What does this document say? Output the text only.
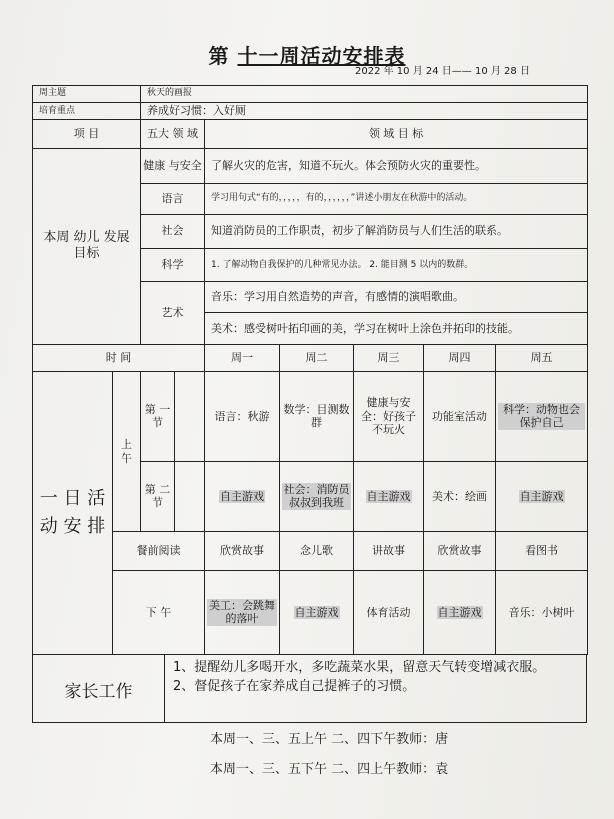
第 十一周活动安排表
2022 年 10 月 24 日—— 10 月 28 日
周主题		秋天的画报						
培育重点		养成好习惯：入好厕						
项 目		五大 领 域		领 域 目 标				
本周 幼儿 发展 目标		健康 与安全		了解火灾的危害，知道不玩火。体会预防火灾的重要性。				
		语言		学习用句式“有的，，，，，有的，，，，，，”讲述小朋友在秋游中的活动。				
		社会		知道消防员的工作职责，初步了解消防员与人们生活的联系。				
		科学		1. 了解动物自我保护的几种常见办法。 2. 能目测 5 以内的数群。				
		艺术		音乐：学习用自然造势的声音，有感情的演唱歌曲。				
				美术：感受树叶拓印画的美，学习在树叶上涂色并拓印的技能。				
时 间				周一	周二	周三	周四	周五
一 日 活 动 安 排	上 午	第 一 节		语言：秋游	数学：目测数群	健康与安全：好孩子不玩火	功能室活动	科学：动物也会保护自己
		第 二 节		自主游戏	社会：消防员叔叔到我班	自主游戏	美术：绘画	自主游戏
	餐前阅读			欣赏故事	念儿歌	讲故事	欣赏故事	看图书
	下 午			美工：会跳舞的落叶	自主游戏	体育活动	自主游戏	音乐：小树叶
家长工作
1、提醒幼儿多喝开水，多吃蔬菜水果，留意天气转变增减衣服。
2、督促孩子在家养成自己提裤子的习惯。
本周一、三、五上午 二、四下午教师：唐
本周一、三、五下午 二、四上午教师：袁
